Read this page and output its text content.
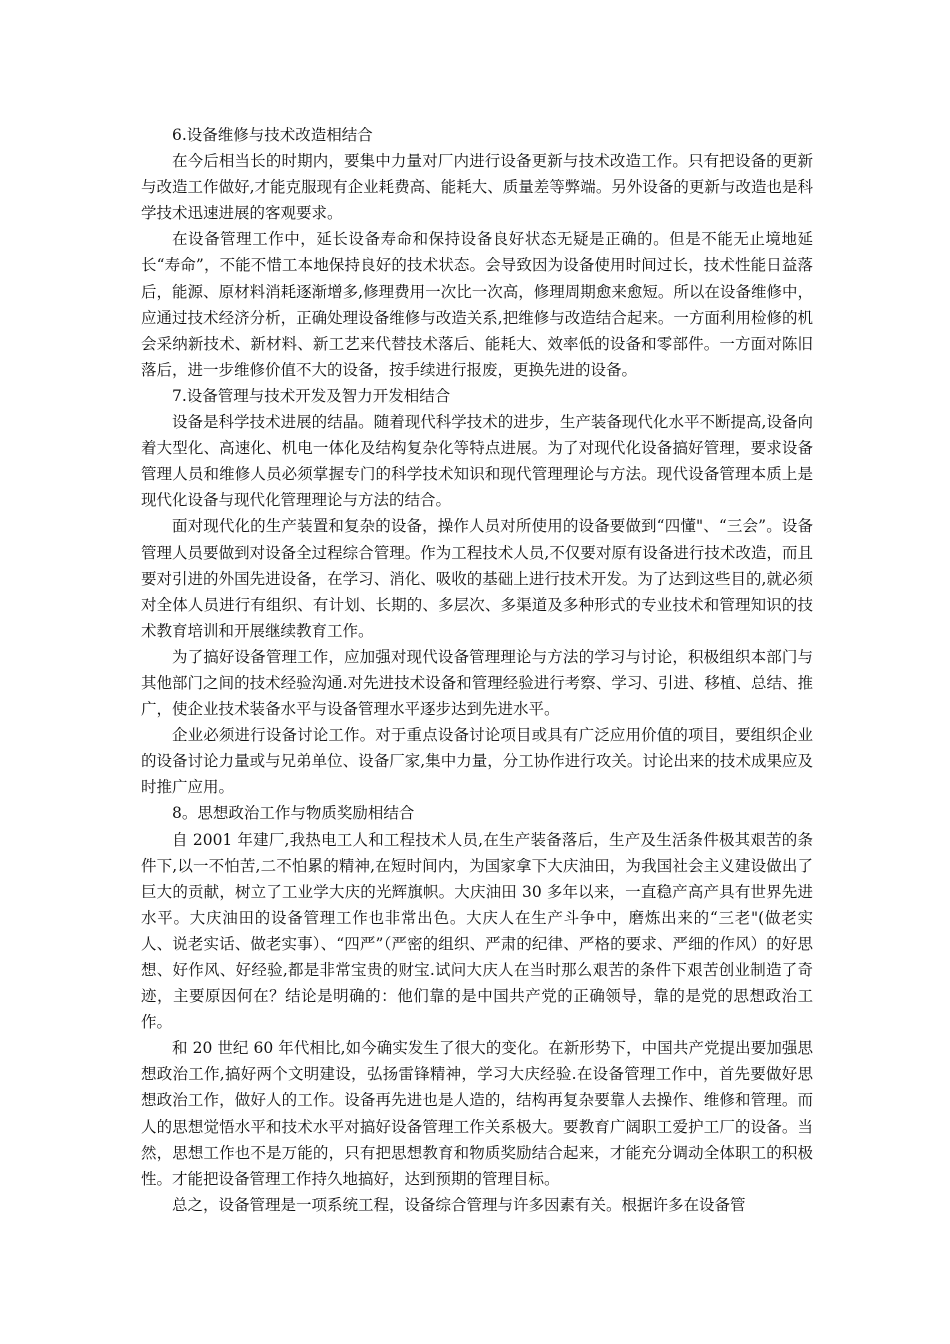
6.设备维修与技术改造相结合

在今后相当长的时期内，要集中力量对厂内进行设备更新与技术改造工作。只有把设备的更新与改造工作做好,才能克服现有企业耗费高、能耗大、质量差等弊端。另外设备的更新与改造也是科学技术迅速进展的客观要求。

在设备管理工作中，延长设备寿命和保持设备良好状态无疑是正确的。但是不能无止境地延长“寿命”，不能不惜工本地保持良好的技术状态。会导致因为设备使用时间过长，技术性能日益落后，能源、原材料消耗逐渐增多,修理费用一次比一次高，修理周期愈来愈短。所以在设备维修中，应通过技术经济分析，正确处理设备维修与改造关系,把维修与改造结合起来。一方面利用检修的机会采纳新技术、新材料、新工艺来代替技术落后、能耗大、效率低的设备和零部件。一方面对陈旧落后，进一步维修价值不大的设备，按手续进行报废，更换先进的设备。

7.设备管理与技术开发及智力开发相结合

设备是科学技术进展的结晶。随着现代科学技术的进步，生产装备现代化水平不断提高,设备向着大型化、高速化、机电一体化及结构复杂化等特点进展。为了对现代化设备搞好管理，要求设备管理人员和维修人员必须掌握专门的科学技术知识和现代管理理论与方法。现代设备管理本质上是现代化设备与现代化管理理论与方法的结合。

面对现代化的生产装置和复杂的设备，操作人员对所使用的设备要做到“四懂"、“三会”。设备管理人员要做到对设备全过程综合管理。作为工程技术人员,不仅要对原有设备进行技术改造，而且要对引进的外国先进设备，在学习、消化、吸收的基础上进行技术开发。为了达到这些目的,就必须对全体人员进行有组织、有计划、长期的、多层次、多渠道及多种形式的专业技术和管理知识的技术教育培训和开展继续教育工作。

为了搞好设备管理工作，应加强对现代设备管理理论与方法的学习与讨论，积极组织本部门与其他部门之间的技术经验沟通.对先进技术设备和管理经验进行考察、学习、引进、移植、总结、推广，使企业技术装备水平与设备管理水平逐步达到先进水平。

企业必须进行设备讨论工作。对于重点设备讨论项目或具有广泛应用价值的项目，要组织企业的设备讨论力量或与兄弟单位、设备厂家,集中力量，分工协作进行攻关。讨论出来的技术成果应及时推广应用。

8。思想政治工作与物质奖励相结合

自 2001 年建厂,我热电工人和工程技术人员,在生产装备落后，生产及生活条件极其艰苦的条件下,以一不怕苦,二不怕累的精神,在短时间内，为国家拿下大庆油田，为我国社会主义建设做出了巨大的贡献，树立了工业学大庆的光辉旗帜。大庆油田 30 多年以来，一直稳产高产具有世界先进水平。大庆油田的设备管理工作也非常出色。大庆人在生产斗争中，磨炼出来的“三老"(做老实人、说老实话、做老实事）、“四严”（严密的组织、严肃的纪律、严格的要求、严细的作风）的好思想、好作风、好经验,都是非常宝贵的财宝.试问大庆人在当时那么艰苦的条件下艰苦创业制造了奇迹，主要原因何在？结论是明确的：他们靠的是中国共产党的正确领导，靠的是党的思想政治工作。

和 20 世纪 60 年代相比,如今确实发生了很大的变化。在新形势下，中国共产党提出要加强思想政治工作,搞好两个文明建设，弘扬雷锋精神，学习大庆经验.在设备管理工作中，首先要做好思想政治工作，做好人的工作。设备再先进也是人造的，结构再复杂要靠人去操作、维修和管理。而人的思想觉悟水平和技术水平对搞好设备管理工作关系极大。要教育广阔职工爱护工厂的设备。当然，思想工作也不是万能的，只有把思想教育和物质奖励结合起来，才能充分调动全体职工的积极性。才能把设备管理工作持久地搞好，达到预期的管理目标。

总之，设备管理是一项系统工程，设备综合管理与许多因素有关。根据许多在设备管
